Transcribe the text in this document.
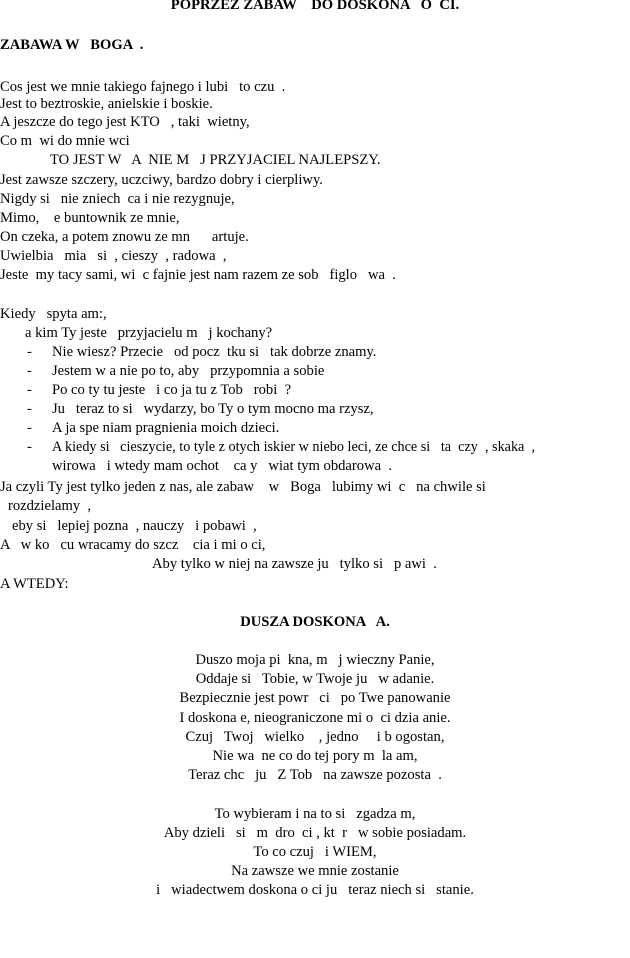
POPRZEZ ZABAW    DO DOSKONA   O  CI.
ZABAWA W   BOGA  .
Cos jest we mnie takiego fajnego i lubi   to czu  .
Jest to beztroskie, anielskie i boskie.
A jeszcze do tego jest KTO   , taki  wietny,
Co m  wi do mnie wci
TO JEST W   A  NIE M   J PRZYJACIEL NAJLEPSZY.
Jest zawsze szczery, uczciwy, bardzo dobry i cierpliwy.
Nigdy si   nie zniech  ca i nie rezygnuje,
Mimo,    e buntownik ze mnie,
On czeka, a potem znowu ze mn      artuje.
Uwielbia   mia   si  , cieszy  , radowa  ,
Jeste  my tacy sami, wi  c fajnie jest nam razem ze sob   figlo   wa  .
Kiedy   spyta am:,
a kim Ty jeste   przyjacielu m   j kochany?
- Nie wiesz? Przecie   od pocz  tku si   tak dobrze znamy.
- Jestem w a nie po to, aby   przypomnia a sobie
- Po co ty tu jeste   i co ja tu z Tob   robi  ?
- Ju   teraz to si   wydarzy, bo Ty o tym mocno ma rzysz,
- A ja spe niam pragnienia moich dzieci.
- A kiedy si   cieszycie, to tyle z otych iskier w niebo leci, ze chce si   ta  czy  , skaka  ,
wirowa   i wtedy mam ochot    ca y   wiat tym obdarowa  .
Ja czyli Ty jest tylko jeden z nas, ale zabaw    w   Boga   lubimy wi  c   na chwile si
rozdzielamy  ,
eby si   lepiej pozna  , nauczy   i pobawi  ,
A   w ko   cu wracamy do szcz    cia i mi o ci,
Aby tylko w niej na zawsze ju   tylko si   p awi  .
A WTEDY:
DUSZA DOSKONA   A.
Duszo moja pi  kna, m   j wieczny Panie,
Oddaje si   Tobie, w Twoje ju   w adanie.
Bezpiecznie jest powr   ci   po Twe panowanie
I doskona e, nieograniczone mi o  ci dzia anie.
Czuj   Twoj   wielko    , jedno     i b ogostan,
Nie wa  ne co do tej pory m  la am,
Teraz chc   ju   Z Tob   na zawsze pozosta  .
To wybieram i na to si   zgadza m,
Aby dzieli   si   m  dro  ci , kt  r   w sobie posiadam.
To co czuj   i WIEM,
Na zawsze we mnie zostanie
i   wiadectwem doskona o ci ju   teraz niech si   stanie.
